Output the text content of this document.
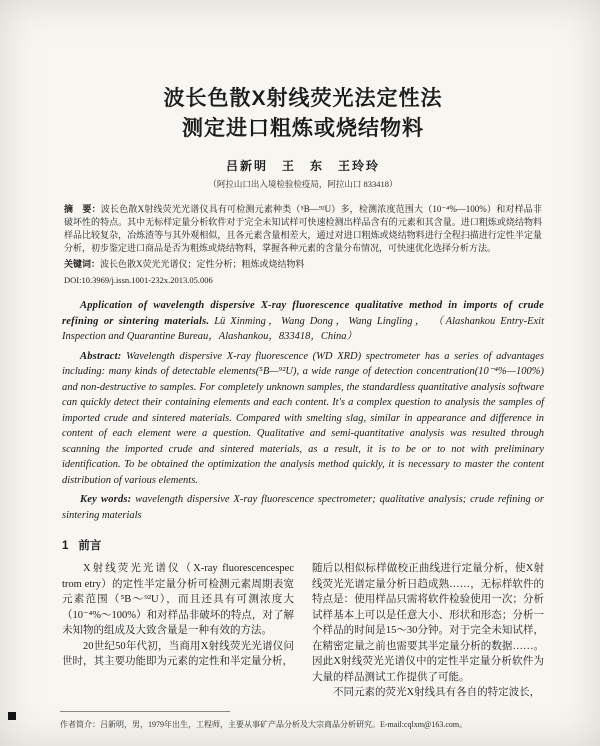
波长色散X射线荧光法定性法
测定进口粗炼或烧结物料
吕新明　王　东　王玲玲
（阿拉山口出入境检验检疫局，阿拉山口 833418）

摘　要：波长色散X射线荧光光谱仪具有可检测元素种类（⁵B—⁹²U）多，检测浓度范围大（10⁻⁴%—100%）和对样品非破坏性的特点。其中无标样定量分析软件对于完全未知试样可快速检测出样品含有的元素和其含量。进口粗炼或烧结物料样品比较复杂，冶炼渣等与其外观相似，且各元素含量相差大，通过对进口粗炼或烧结物料进行全程扫描进行定性半定量分析，初步鉴定进口商品是否为粗炼或烧结物料，掌握各种元素的含量分布情况，可快速优化选择分析方法。

关键词：波长色散X荧光光谱仪；定性分析；粗炼或烧结物料

DOI:10.3969/j.issn.1001-232x.2013.05.006

Application of wavelength dispersive X-ray fluorescence qualitative method in imports of crude refining or sintering materials. Lü Xinming，Wang Dong，Wang Lingling， （Alashankou Entry-Exit Inspection and Quarantine Bureau，Alashankou，833418，China）

Abstract: Wavelength dispersive X-ray fluorescence (WD XRD) spectrometer has a series of advantages including: many kinds of detectable elements(⁵B—⁹²U), a wide range of detection concentration(10⁻⁴%—100%) and non-destructive to samples. For completely unknown samples, the standardless quantitative analysis software can quickly detect their containing elements and each content. It's a complex question to analysis the samples of imported crude and sintered materials. Compared with smelting slag, similar in appearance and difference in content of each element were a question. Qualitative and semi-quantitative analysis was resulted through scanning the imported crude and sintered materials, as a result, it is to be or to not with preliminary identification. To be obtained the optimization the analysis method quickly, it is necessary to master the content distribution of various elements.

Key words: wavelength dispersive X-ray fluorescence spectrometer; qualitative analysis; crude refining or sintering materials

1 前言

X射线荧光光谱仪（X-ray fluorescencespec trom etry）的定性半定量分析可检测元素周期表宽元素范围（⁵B～⁹²U），而且还具有可测浓度大（10⁻⁴%～100%）和对样品非破坏的特点，对了解未知物的组成及大致含量是一种有效的方法。

20世纪50年代初，当商用X射线荧光光谱仪问世时，其主要功能即为元素的定性和半定量分析，

随后以相似标样做校正曲线进行定量分析，使X射线荧光光谱定量分析日趋成熟……，无标样软件的特点是：使用样品只需将软件检验使用一次；分析试样基本上可以是任意大小、形状和形态；分析一个样品的时间是15～30分钟。对于完全未知试样，在精密定量之前也需要其半定量分析的数据……。因此X射线荧光光谱仪中的定性半定量分析软件为大量的样品测试工作提供了可能。

不同元素的荧光X射线具有各自的特定波长，

作者简介：吕新明，男，1979年出生，工程师，主要从事矿产品分析及大宗商品分析研究。E-mail:cqlxm@163.com。
